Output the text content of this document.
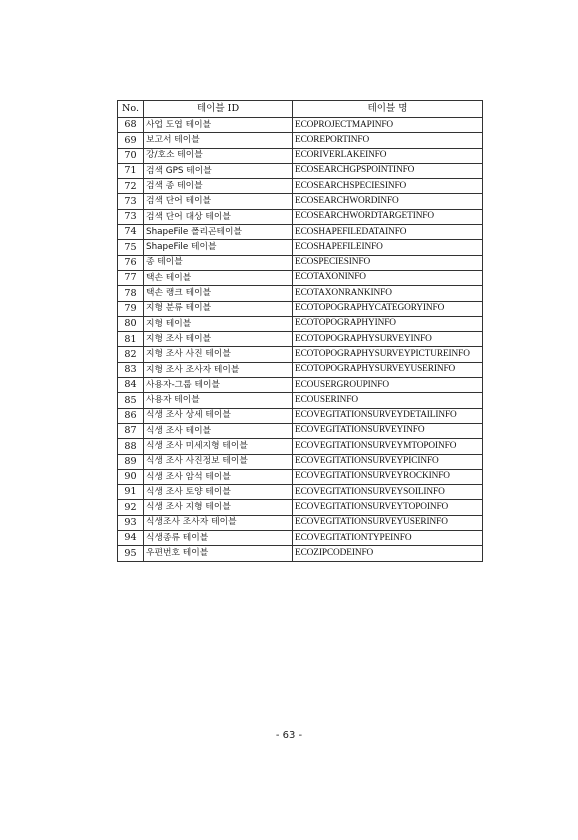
No.	테이블 ID	테이블 명
68	사업 도엽 테이블	ECOPROJECTMAPINFO
69	보고서 테이블	ECOREPORTINFO
70	강/호소 테이블	ECORIVERLAKEINFO
71	검색 GPS 테이블	ECOSEARCHGPSPOINTINFO
72	검색 종 테이블	ECOSEARCHSPECIESINFO
73	검색 단어 테이블	ECOSEARCHWORDINFO
73	검색 단어 대상 테이블	ECOSEARCHWORDTARGETINFO
74	ShapeFile 폴리곤테이블	ECOSHAPEFILEDATAINFO
75	ShapeFile 테이블	ECOSHAPEFILEINFO
76	종 테이블	ECOSPECIESINFO
77	택손 테이블	ECOTAXONINFO
78	택손 랭크 테이블	ECOTAXONRANKINFO
79	지형 분류 테이블	ECOTOPOGRAPHYCATEGORYINFO
80	지형 테이블	ECOTOPOGRAPHYINFO
81	지형 조사 테이블	ECOTOPOGRAPHYSURVEYINFO
82	지형 조사 사진 테이블	ECOTOPOGRAPHYSURVEYPICTUREINFO
83	지형 조사 조사자 테이블	ECOTOPOGRAPHYSURVEYUSERINFO
84	사용자-그룹 테이블	ECOUSERGROUPINFO
85	사용자 테이블	ECOUSERINFO
86	식생 조사 상세 테이블	ECOVEGITATIONSURVEYDETAILINFO
87	식생 조사 테이블	ECOVEGITATIONSURVEYINFO
88	식생 조사 미세지형 테이블	ECOVEGITATIONSURVEYMTOPOINFO
89	식생 조사 사진정보 테이블	ECOVEGITATIONSURVEYPICINFO
90	식생 조사 암석 테이블	ECOVEGITATIONSURVEYROCKINFO
91	식생 조사 토양 테이블	ECOVEGITATIONSURVEYSOILINFO
92	식생 조사 지형 테이블	ECOVEGITATIONSURVEYTOPOINFO
93	식생조사 조사자 테이블	ECOVEGITATIONSURVEYUSERINFO
94	식생종류 테이블	ECOVEGITATIONTYPEINFO
95	우편번호 테이블	ECOZIPCODEINFO
- 63 -
